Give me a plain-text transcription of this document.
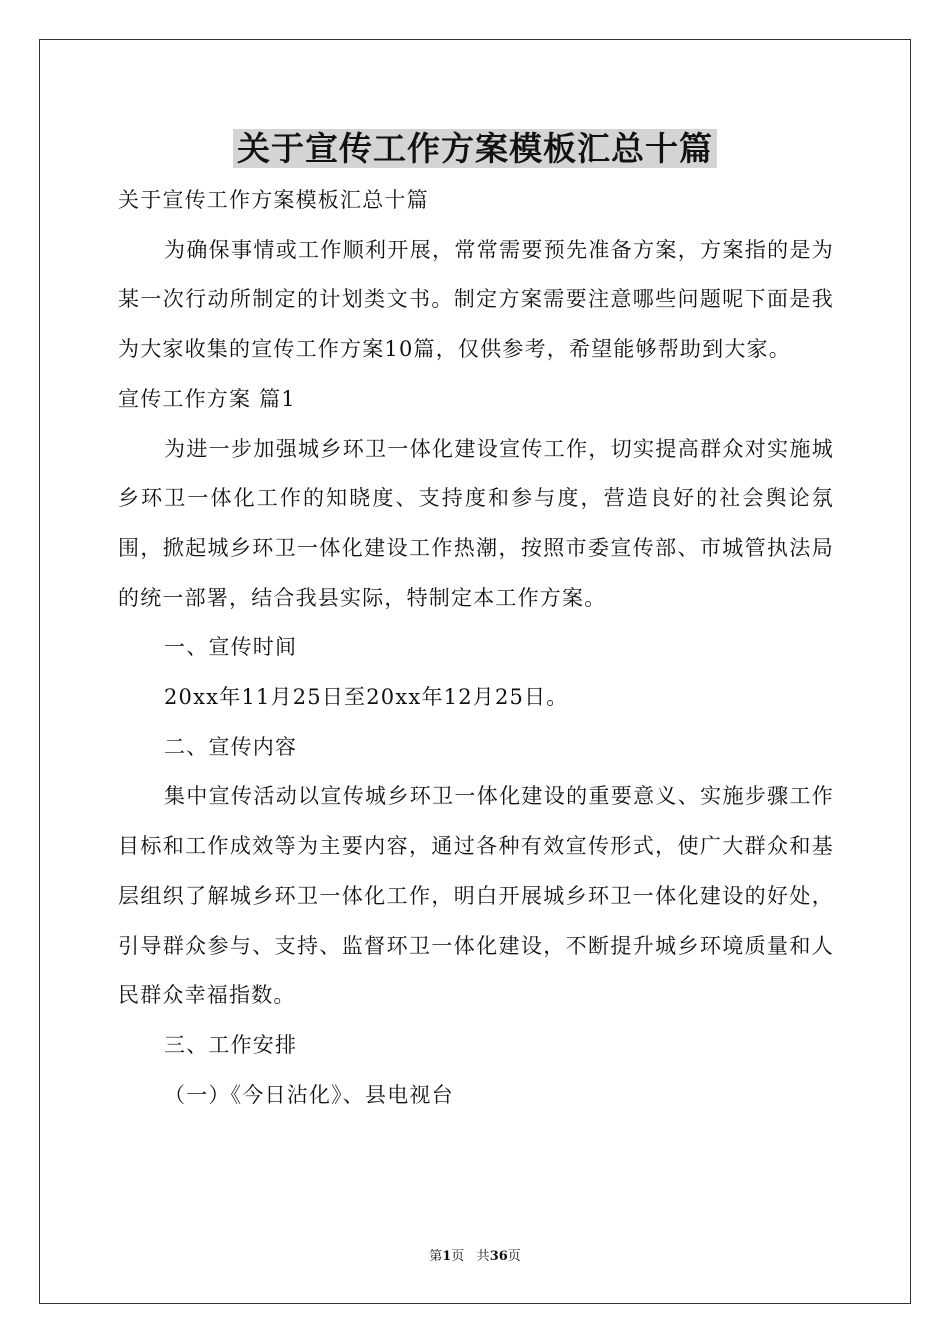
关于宣传工作方案模板汇总十篇

关于宣传工作方案模板汇总十篇

为确保事情或工作顺利开展，常常需要预先准备方案，方案指的是为某一次行动所制定的计划类文书。制定方案需要注意哪些问题呢下面是我为大家收集的宣传工作方案10篇，仅供参考，希望能够帮助到大家。

宣传工作方案 篇1

为进一步加强城乡环卫一体化建设宣传工作，切实提高群众对实施城乡环卫一体化工作的知晓度、支持度和参与度，营造良好的社会舆论氛围，掀起城乡环卫一体化建设工作热潮，按照市委宣传部、市城管执法局的统一部署，结合我县实际，特制定本工作方案。

一、宣传时间

20xx年11月25日至20xx年12月25日。

二、宣传内容

集中宣传活动以宣传城乡环卫一体化建设的重要意义、实施步骤工作目标和工作成效等为主要内容，通过各种有效宣传形式，使广大群众和基层组织了解城乡环卫一体化工作，明白开展城乡环卫一体化建设的好处，引导群众参与、支持、监督环卫一体化建设，不断提升城乡环境质量和人民群众幸福指数。

三、工作安排

（一）《今日沾化》、县电视台

第1页 共36页
